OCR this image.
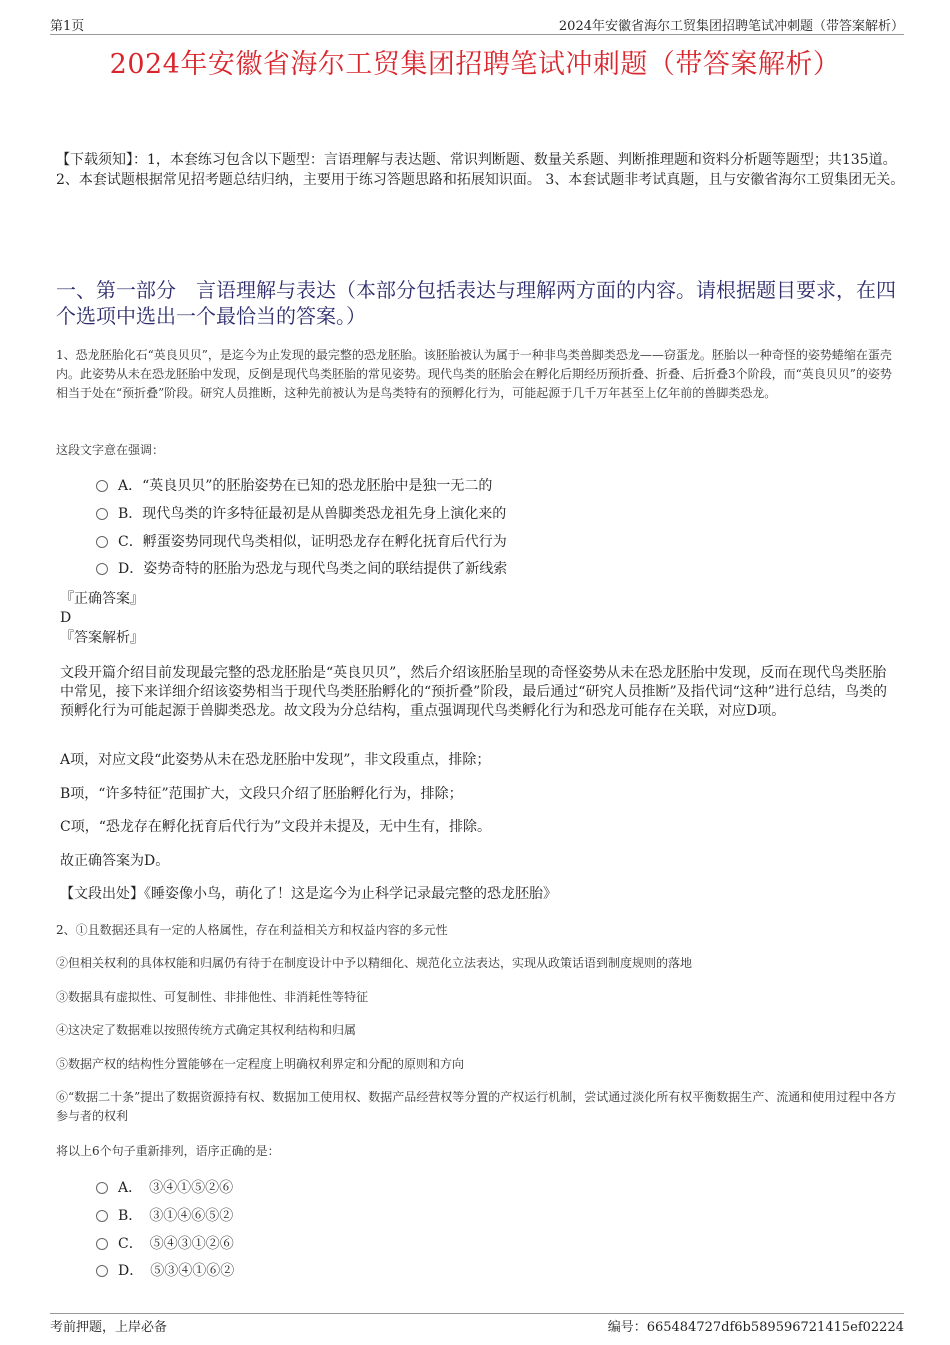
第1页	2024年安徽省海尔工贸集团招聘笔试冲刺题（带答案解析）
2024年安徽省海尔工贸集团招聘笔试冲刺题（带答案解析）
【下载须知】：1，本套练习包含以下题型：言语理解与表达题、常识判断题、数量关系题、判断推理题和资料分析题等题型；共135道。 2、本套试题根据常见招考题总结归纳，主要用于练习答题思路和拓展知识面。 3、本套试题非考试真题，且与安徽省海尔工贸集团无关。
一、第一部分　言语理解与表达（本部分包括表达与理解两方面的内容。请根据题目要求，在四个选项中选出一个最恰当的答案。）
1、恐龙胚胎化石“英良贝贝”，是迄今为止发现的最完整的恐龙胚胎。该胚胎被认为属于一种非鸟类兽脚类恐龙——窃蛋龙。胚胎以一种奇怪的姿势蜷缩在蛋壳内。此姿势从未在恐龙胚胎中发现，反倒是现代鸟类胚胎的常见姿势。现代鸟类的胚胎会在孵化后期经历预折叠、折叠、后折叠3个阶段，而“英良贝贝”的姿势相当于处在“预折叠”阶段。研究人员推断，这种先前被认为是鸟类特有的预孵化行为，可能起源于几千万年甚至上亿年前的兽脚类恐龙。
这段文字意在强调：
A．“英良贝贝”的胚胎姿势在已知的恐龙胚胎中是独一无二的
B．现代鸟类的许多特征最初是从兽脚类恐龙祖先身上演化来的
C．孵蛋姿势同现代鸟类相似，证明恐龙存在孵化抚育后代行为
D．姿势奇特的胚胎为恐龙与现代鸟类之间的联结提供了新线索
『正确答案』
D
『答案解析』
文段开篇介绍目前发现最完整的恐龙胚胎是“英良贝贝”，然后介绍该胚胎呈现的奇怪姿势从未在恐龙胚胎中发现，反而在现代鸟类胚胎中常见，接下来详细介绍该姿势相当于现代鸟类胚胎孵化的“预折叠”阶段，最后通过“研究人员推断”及指代词“这种”进行总结，鸟类的预孵化行为可能起源于兽脚类恐龙。故文段为分总结构，重点强调现代鸟类孵化行为和恐龙可能存在关联，对应D项。
A项，对应文段“此姿势从未在恐龙胚胎中发现”，非文段重点，排除；
B项，“许多特征”范围扩大，文段只介绍了胚胎孵化行为，排除；
C项，“恐龙存在孵化抚育后代行为”文段并未提及，无中生有，排除。
故正确答案为D。
【文段出处】《睡姿像小鸟，萌化了！这是迄今为止科学记录最完整的恐龙胚胎》
2、①且数据还具有一定的人格属性，存在利益相关方和权益内容的多元性
②但相关权利的具体权能和归属仍有待于在制度设计中予以精细化、规范化立法表达，实现从政策话语到制度规则的落地
③数据具有虚拟性、可复制性、非排他性、非消耗性等特征
④这决定了数据难以按照传统方式确定其权利结构和归属
⑤数据产权的结构性分置能够在一定程度上明确权利界定和分配的原则和方向
⑥“数据二十条”提出了数据资源持有权、数据加工使用权、数据产品经营权等分置的产权运行机制，尝试通过淡化所有权平衡数据生产、流通和使用过程中各方参与者的权利
将以上6个句子重新排列，语序正确的是：
A．　③④①⑤②⑥
B．　③①④⑥⑤②
C．　⑤④③①②⑥
D．　⑤③④①⑥②
考前押题，上岸必备	编号：665484727df6b589596721415ef02224
